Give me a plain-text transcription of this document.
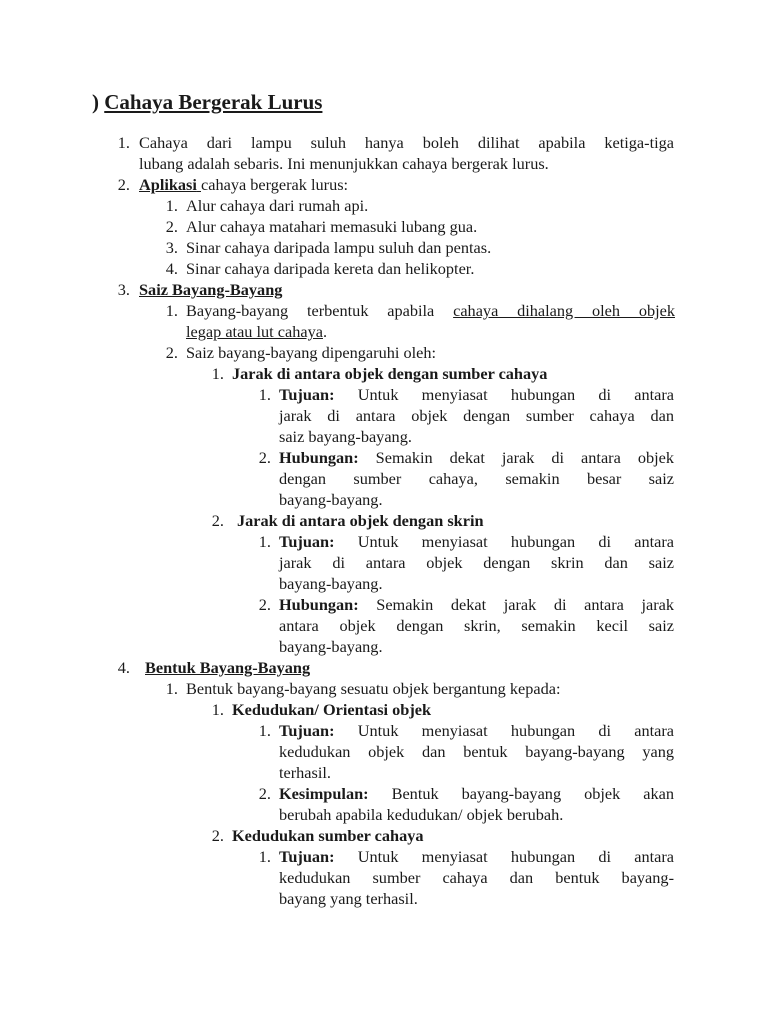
) Cahaya Bergerak Lurus
1. Cahaya dari lampu suluh hanya boleh dilihat apabila ketiga-tiga
lubang adalah sebaris. Ini menunjukkan cahaya bergerak lurus.
2. Aplikasi cahaya bergerak lurus:
1. Alur cahaya dari rumah api.
2. Alur cahaya matahari memasuki lubang gua.
3. Sinar cahaya daripada lampu suluh dan pentas.
4. Sinar cahaya daripada kereta dan helikopter.
3. Saiz Bayang-Bayang
1. Bayang-bayang terbentuk apabila cahaya dihalang oleh objek
legap atau lut cahaya.
2. Saiz bayang-bayang dipengaruhi oleh:
1. Jarak di antara objek dengan sumber cahaya
1. Tujuan: Untuk menyiasat hubungan di antara
jarak di antara objek dengan sumber cahaya dan
saiz bayang-bayang.
2. Hubungan: Semakin dekat jarak di antara objek
dengan sumber cahaya, semakin besar saiz
bayang-bayang.
2. Jarak di antara objek dengan skrin
1. Tujuan: Untuk menyiasat hubungan di antara
jarak di antara objek dengan skrin dan saiz
bayang-bayang.
2. Hubungan: Semakin dekat jarak di antara jarak
antara objek dengan skrin, semakin kecil saiz
bayang-bayang.
4. Bentuk Bayang-Bayang
1. Bentuk bayang-bayang sesuatu objek bergantung kepada:
1. Kedudukan/ Orientasi objek
1. Tujuan: Untuk menyiasat hubungan di antara
kedudukan objek dan bentuk bayang-bayang yang
terhasil.
2. Kesimpulan: Bentuk bayang-bayang objek akan
berubah apabila kedudukan/ objek berubah.
2. Kedudukan sumber cahaya
1. Tujuan: Untuk menyiasat hubungan di antara
kedudukan sumber cahaya dan bentuk bayang-
bayang yang terhasil.
